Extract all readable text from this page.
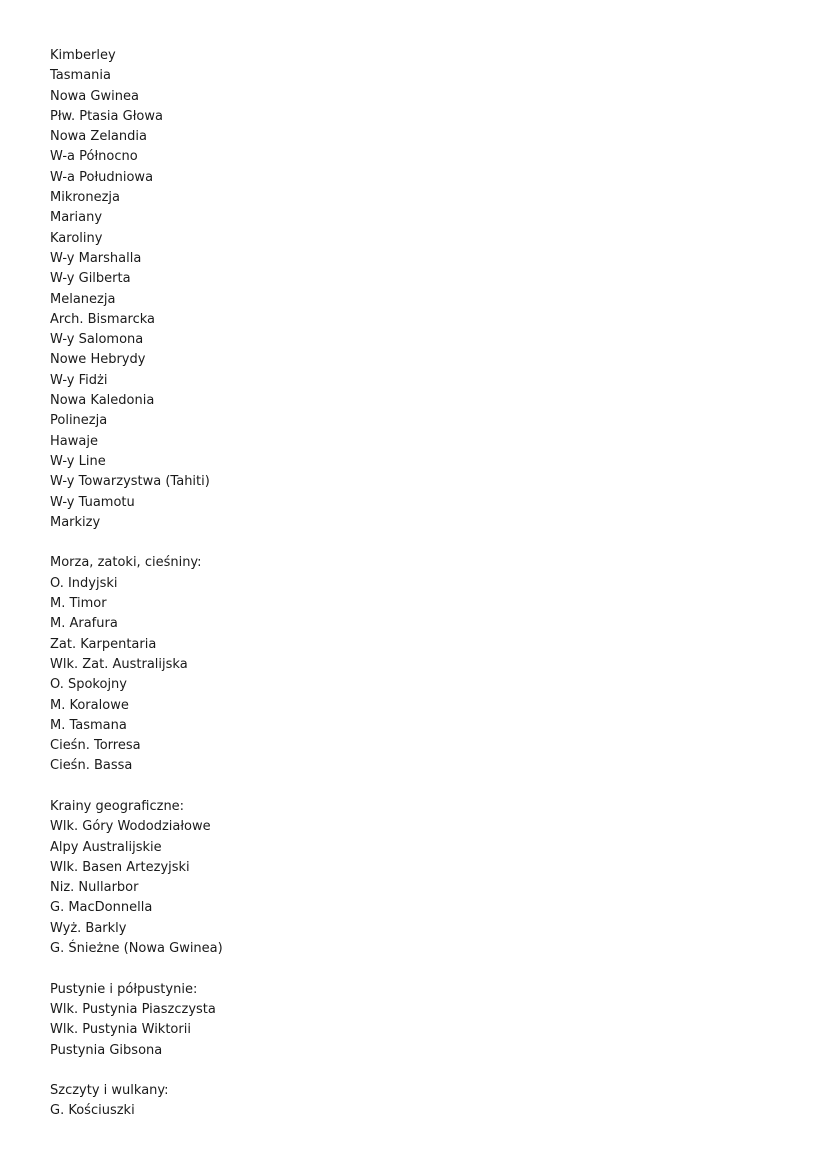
Kimberley
Tasmania
Nowa Gwinea
Płw. Ptasia Głowa
Nowa Zelandia
W-a Północno
W-a Południowa
Mikronezja
Mariany
Karoliny
W-y Marshalla
W-y Gilberta
Melanezja
Arch. Bismarcka
W-y Salomona
Nowe Hebrydy
W-y Fidżi
Nowa Kaledonia
Polinezja
Hawaje
W-y Line
W-y Towarzystwa (Tahiti)
W-y Tuamotu
Markizy
Morza, zatoki, cieśniny:
O. Indyjski
M. Timor
M. Arafura
Zat. Karpentaria
Wlk. Zat. Australijska
O. Spokojny
M. Koralowe
M. Tasmana
Cieśn. Torresa
Cieśn. Bassa
Krainy geograficzne:
Wlk. Góry Wododziałowe
Alpy Australijskie
Wlk. Basen Artezyjski
Niz. Nullarbor
G. MacDonnella
Wyż. Barkly
G. Śnieżne (Nowa Gwinea)
Pustynie i półpustynie:
Wlk. Pustynia Piaszczysta
Wlk. Pustynia Wiktorii
Pustynia Gibsona
Szczyty i wulkany:
G. Kościuszki
